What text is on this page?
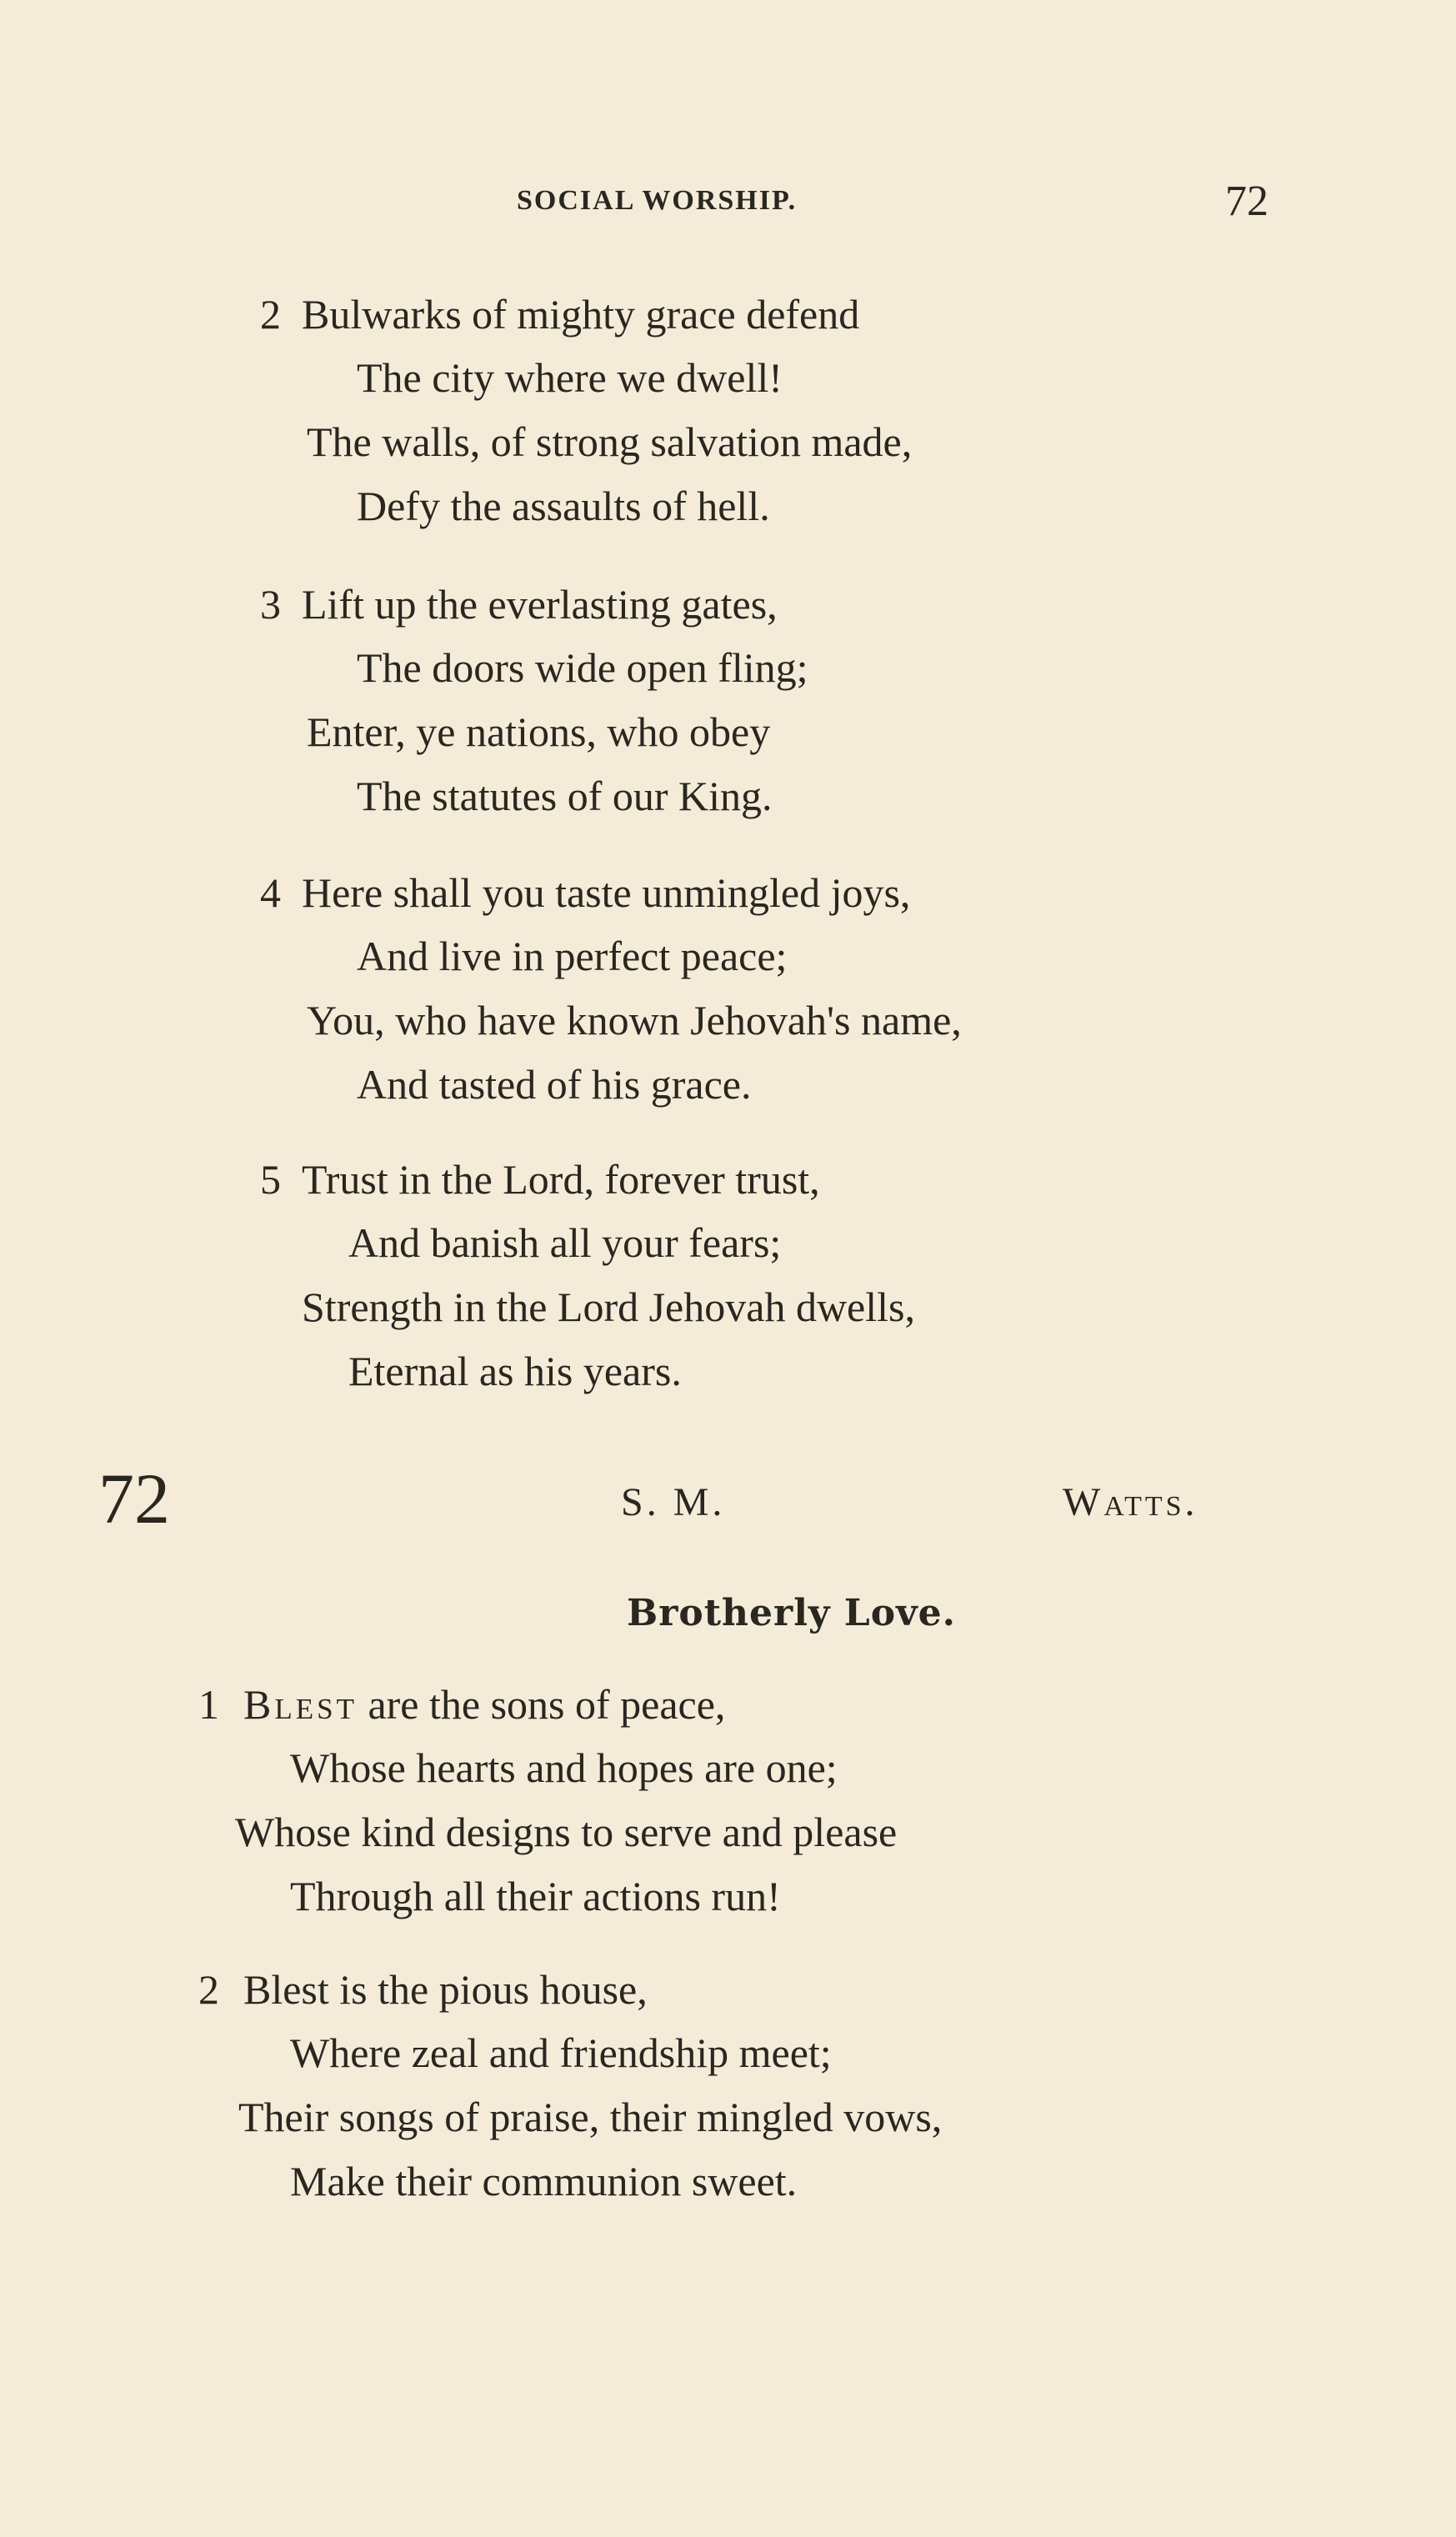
SOCIAL WORSHIP.	72
2 Bulwarks of mighty grace defend
The city where we dwell!
The walls, of strong salvation made,
Defy the assaults of hell.
3 Lift up the everlasting gates,
The doors wide open fling;
Enter, ye nations, who obey
The statutes of our King.
4 Here shall you taste unmingled joys,
And live in perfect peace;
You, who have known Jehovah's name,
And tasted of his grace.
5 Trust in the Lord, forever trust,
And banish all your fears;
Strength in the Lord Jehovah dwells,
Eternal as his years.
72	S. M.	Watts.
Brotherly Love.
1 Blest are the sons of peace,
Whose hearts and hopes are one;
Whose kind designs to serve and please
Through all their actions run!
2 Blest is the pious house,
Where zeal and friendship meet;
Their songs of praise, their mingled vows,
Make their communion sweet.
